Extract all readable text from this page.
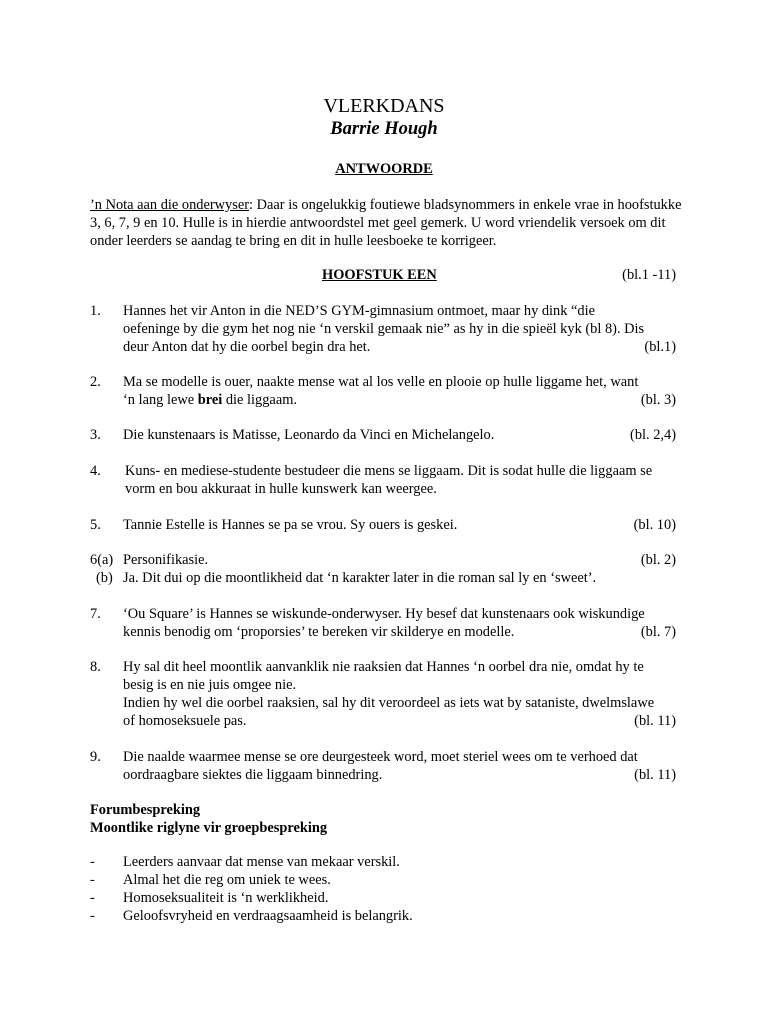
VLERKDANS
Barrie Hough
ANTWOORDE
’n Nota aan die onderwyser: Daar is ongelukkig foutiewe bladsynommers in enkele vrae in hoofstukke 3, 6, 7, 9 en 10. Hulle is in hierdie antwoordstel met geel gemerk. U word vriendelik versoek om dit onder leerders se aandag te bring en dit in hulle leesboeke te korrigeer.
HOOFSTUK EEN	(bl.1 -11)
1. Hannes het vir Anton in die NED’S GYM-gimnasium ontmoet, maar hy dink “die
oefeninge by die gym het nog nie ‘n verskil gemaak nie” as hy in die spieël kyk (bl 8). Dis
deur Anton dat hy die oorbel begin dra het.	(bl.1)
2. Ma se modelle is ouer, naakte mense wat al los velle en plooie op hulle liggame het, want
‘n lang lewe brei die liggaam.	(bl. 3)
3. Die kunstenaars is Matisse, Leonardo da Vinci en Michelangelo.	(bl. 2,4)
4. Kuns- en mediese-studente bestudeer die mens se liggaam. Dit is sodat hulle die liggaam se
vorm en bou akkuraat in hulle kunswerk kan weergee.
5. Tannie Estelle is Hannes se pa se vrou. Sy ouers is geskei.	(bl. 10)
6(a) Personifikasie.	(bl. 2)
(b) Ja. Dit dui op die moontlikheid dat ‘n karakter later in die roman sal ly en ‘sweet’.
7. ‘Ou Square’ is Hannes se wiskunde-onderwyser. Hy besef dat kunstenaars ook wiskundige
kennis benodig om ‘proporsies’ te bereken vir skilderye en modelle.	(bl. 7)
8. Hy sal dit heel moontlik aanvanklik nie raaksien dat Hannes ‘n oorbel dra nie, omdat hy te
besig is en nie juis omgee nie.
Indien hy wel die oorbel raaksien, sal hy dit veroordeel as iets wat by sataniste, dwelmslawe
of homoseksuele pas.	(bl. 11)
9. Die naalde waarmee mense se ore deurgesteek word, moet steriel wees om te verhoed dat
oordraagbare siektes die liggaam binnedring.	(bl. 11)
Forumbespreking
Moontlike riglyne vir groepbespreking
- Leerders aanvaar dat mense van mekaar verskil.
- Almal het die reg om uniek te wees.
- Homoseksualiteit is ‘n werklikheid.
- Geloofsvryheid en verdraagsaamheid is belangrik.
